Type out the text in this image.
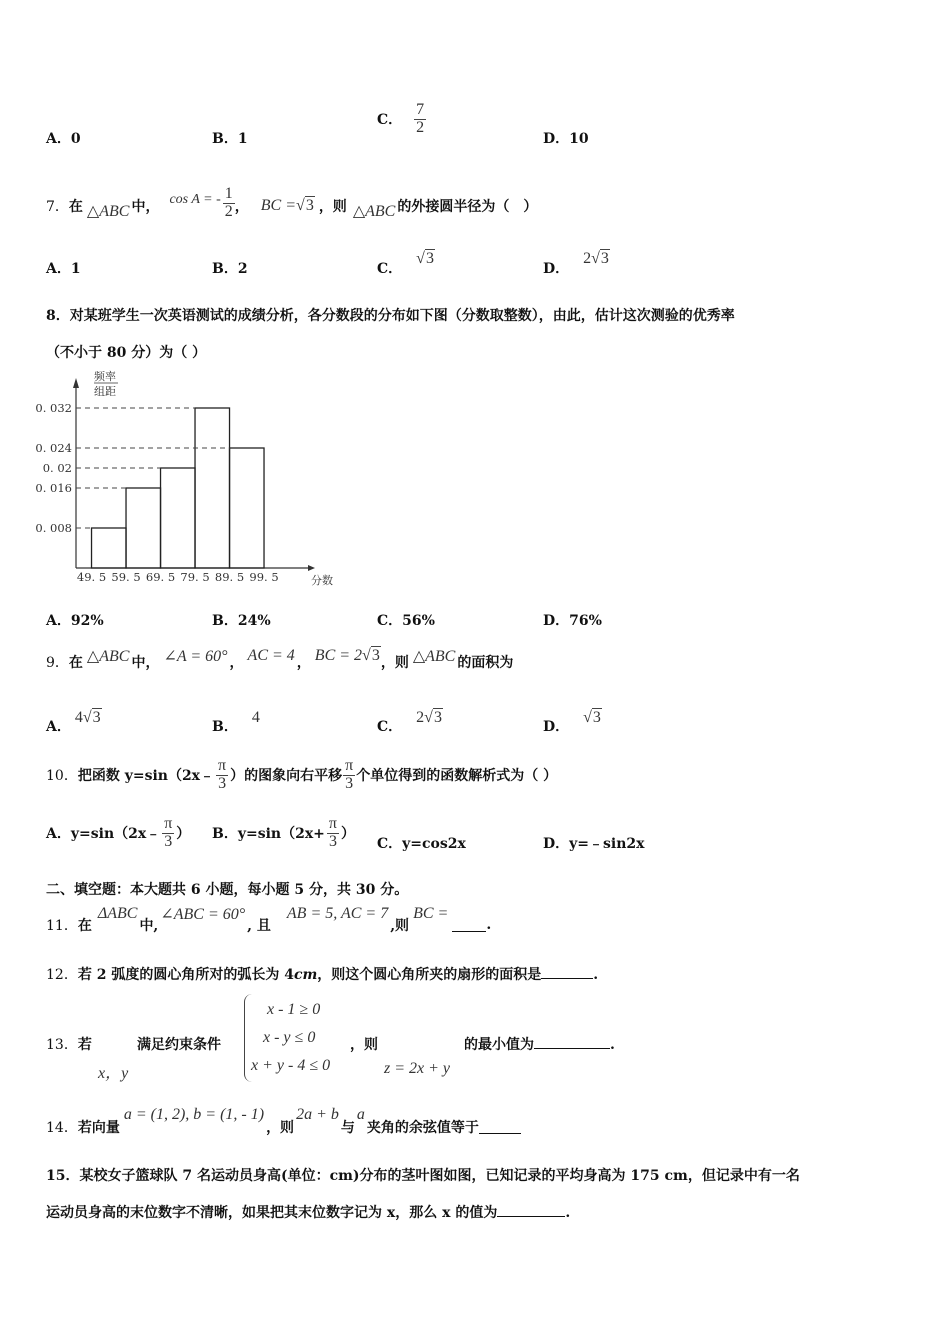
A．0	B．1
C． $\frac{7}{2}$
D．10
7． 在 △ABC 中， cos A = - $\frac{1}{2}$ ， BC = √3 ，则 △ABC 的外接圆半径为（　）
A．1	B．2	C．√3
D．2√3
8．对某班学生一次英语测试的成绩分析，各分数段的分布如下图（分数取整数），由此，估计这次测验的优秀率
（不小于 80 分）为（ ）
频率
组距
分数
0. 008
0. 016
0. 02
0. 024
0. 032
49. 5 59. 5 69. 5 79. 5 89. 5 99. 5
A．92%	B．24%	C．56%	D．76%
9． 在 △ABC 中， ∠A = 60° ， AC = 4 ， BC = 2 √3 ，则 △ABC 的面积为
A．
4√3
B．
4
C．
2√3
D．
√3
10． 把函数 y=sin（2x﹣ $\frac{\pi}{3}$ ）的图象向右平移 $\frac{\pi}{3}$ 个单位得到的函数解析式为（ ）
A． y=sin（2x﹣ $\frac{\pi}{3}$ ） B． $y=\sin(2x+ \frac{\pi}{3}$ ）
C．y=cos2x	D．y=﹣sin2x
二、填空题：本大题共 6 小题，每小题 5 分，共 30 分。
11． 在
ΔABC
中,
∠ABC = 60°
, 且
AB = 5, AC = 7
,则
BC =
.
12．若 2 弧度的圆心角所对的弧长为 4cm，则这个圆心角所夹的扇形的面积是	.
13．若
x，y
满足约束条件
x - 1 ≥ 0
x - y ≤ 0
x + y - 4 ≤ 0
，则
z = 2x + y
的最小值为	.
14． 若向量
a = (1, 2), b = (1, - 1)
，则
2a + b
与
a
夹角的余弦值等于
15．某校女子篮球队 7 名运动员身高(单位：cm)分布的茎叶图如图，已知记录的平均身高为 175 cm，但记录中有一名
运动员身高的末位数字不清晰，如果把其末位数字记为 x，那么 x 的值为	.
